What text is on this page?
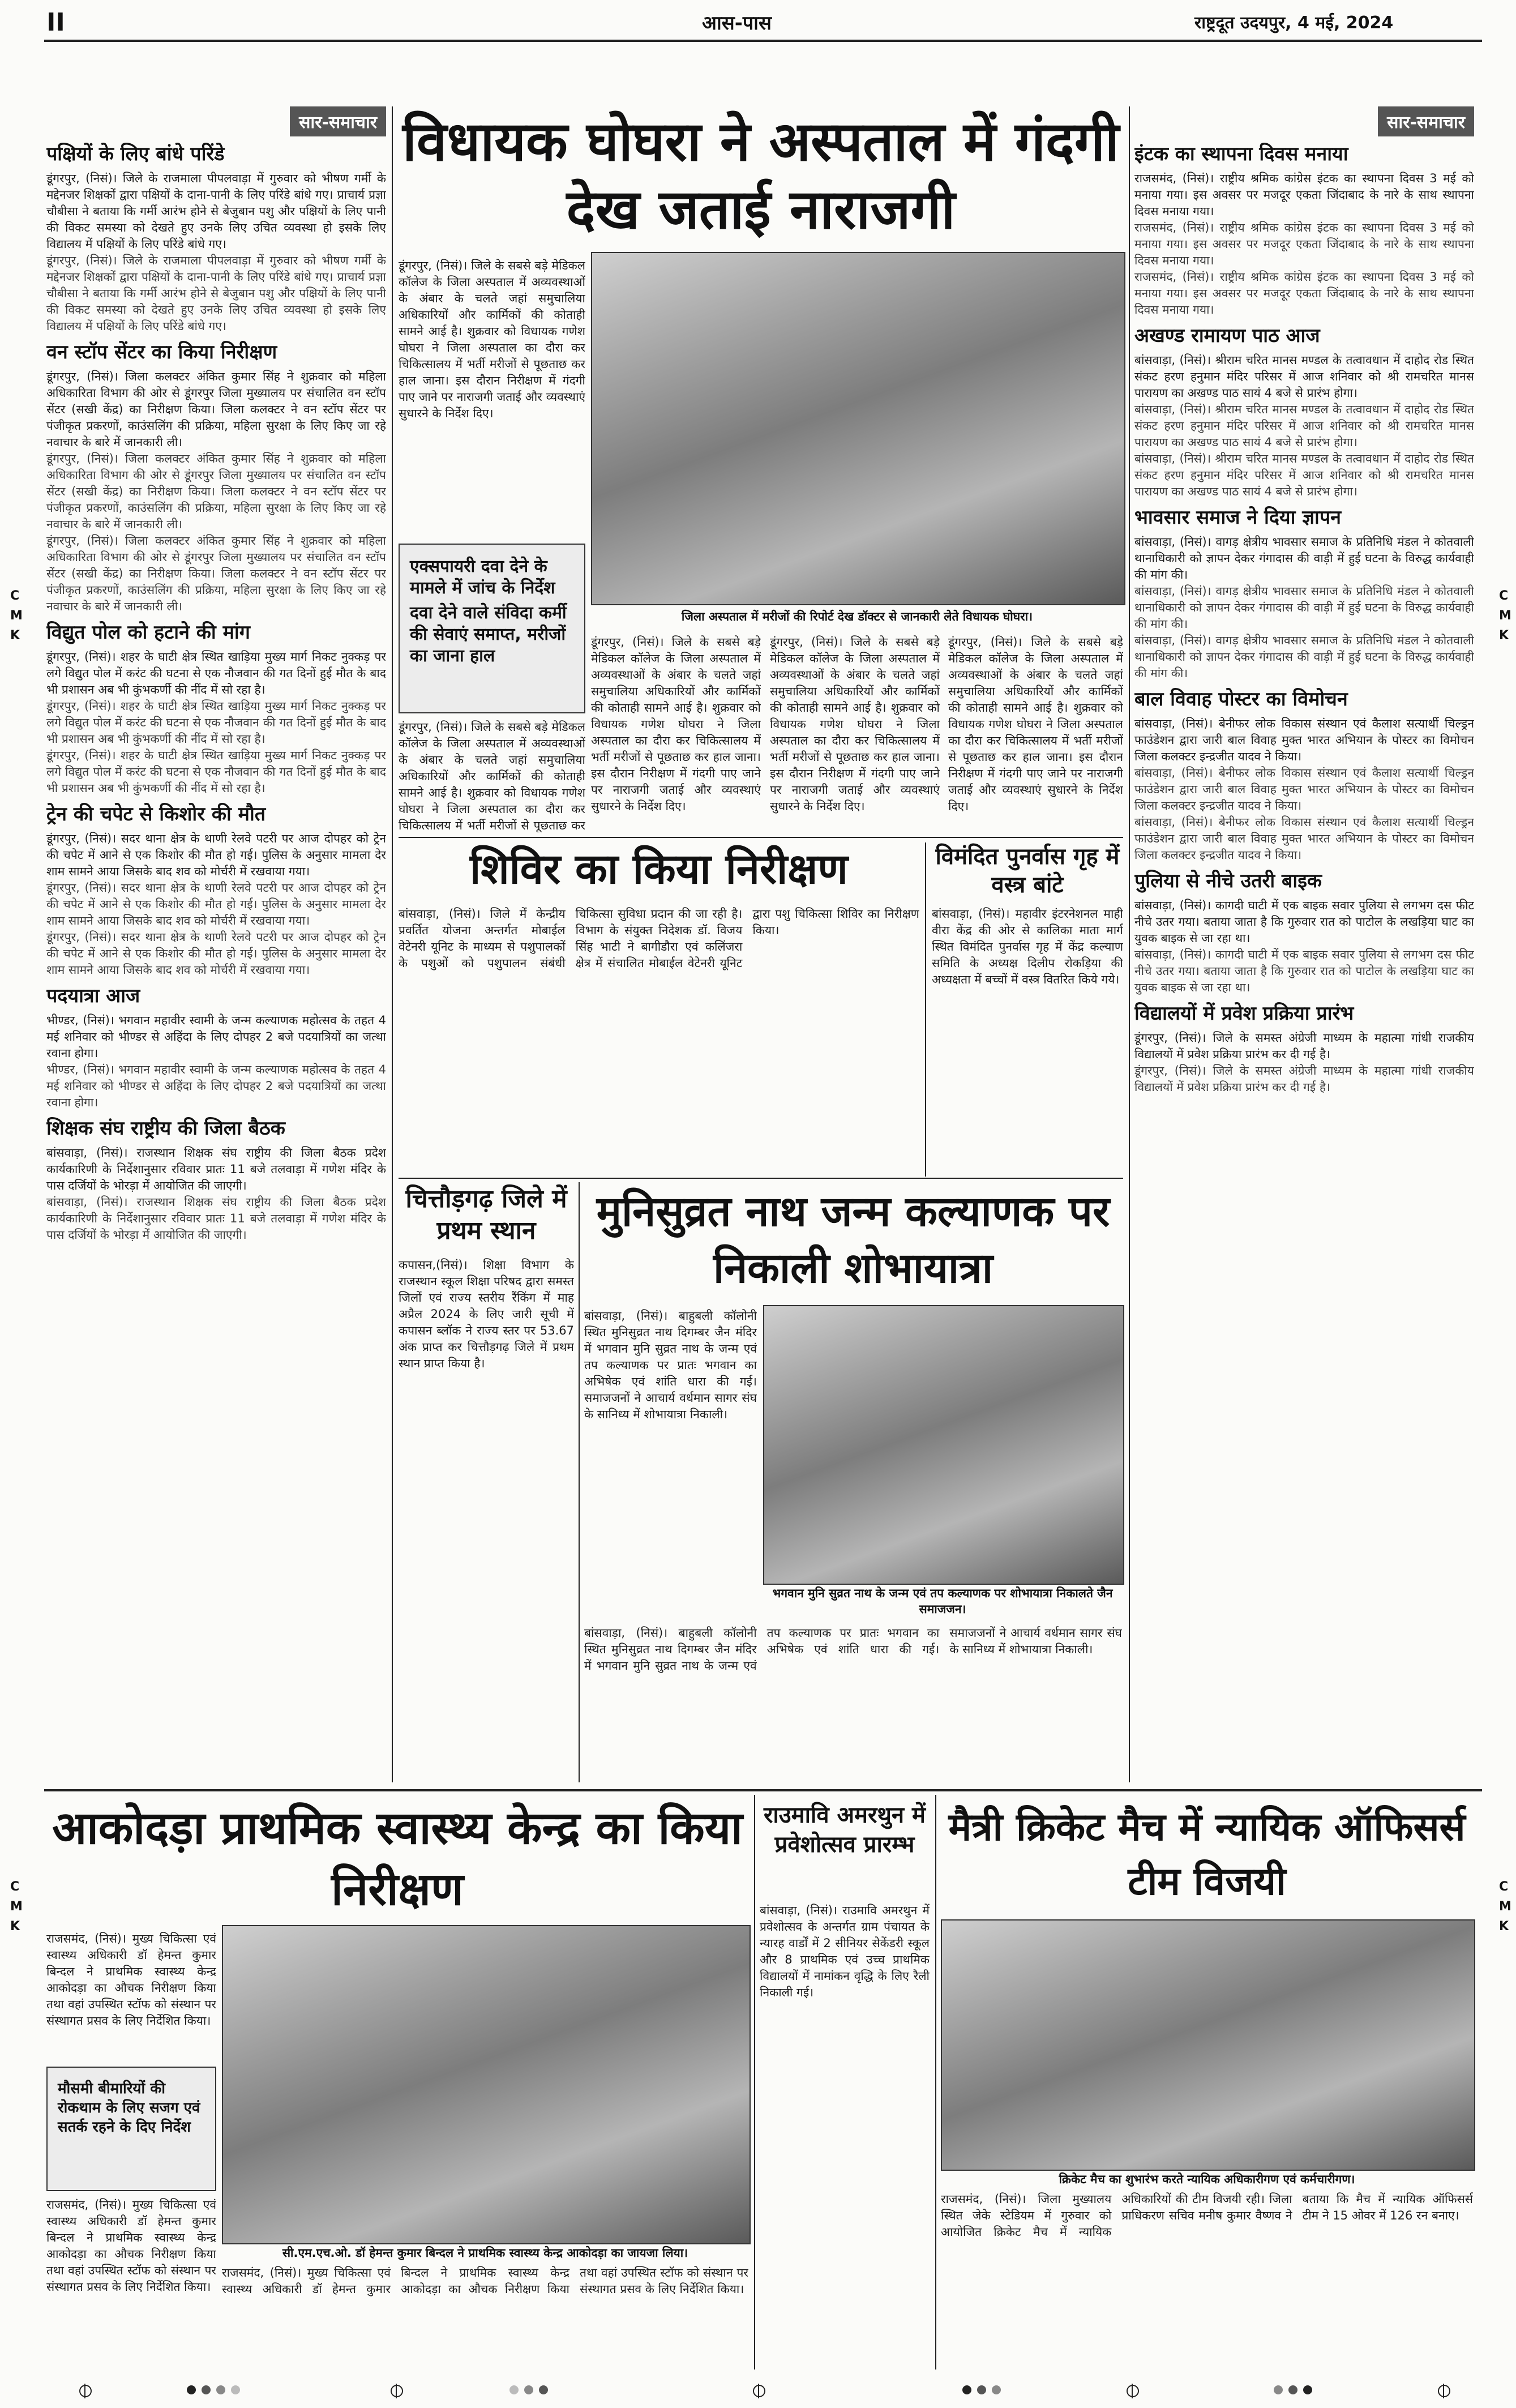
II	आस-पास	राष्ट्रदूत उदयपुर, 4 मई, 2024
C
M
K
C
M
K
C
M
K
C
M
K
सार-समाचार
पक्षियों के लिए बांधे परिंडे
डूंगरपुर, (निसं)। जिले के राजमाला पीपलवाड़ा में गुरुवार को भीषण गर्मी के मद्देनजर शिक्षकों द्वारा पक्षियों के दाना-पानी के लिए परिंडे बांधे गए। प्राचार्य प्रज्ञा चौबीसा ने बताया कि गर्मी आरंभ होने से बेजुबान पशु और पक्षियों के लिए पानी की विकट समस्या को देखते हुए उनके लिए उचित व्यवस्था हो इसके लिए विद्यालय में पक्षियों के लिए परिंडे बांधे गए।
डूंगरपुर, (निसं)। जिले के राजमाला पीपलवाड़ा में गुरुवार को भीषण गर्मी के मद्देनजर शिक्षकों द्वारा पक्षियों के दाना-पानी के लिए परिंडे बांधे गए। प्राचार्य प्रज्ञा चौबीसा ने बताया कि गर्मी आरंभ होने से बेजुबान पशु और पक्षियों के लिए पानी की विकट समस्या को देखते हुए उनके लिए उचित व्यवस्था हो इसके लिए विद्यालय में पक्षियों के लिए परिंडे बांधे गए।
वन स्टॉप सेंटर का किया निरीक्षण
डूंगरपुर, (निसं)। जिला कलक्टर अंकित कुमार सिंह ने शुक्रवार को महिला अधिकारिता विभाग की ओर से डूंगरपुर जिला मुख्यालय पर संचालित वन स्टॉप सेंटर (सखी केंद्र) का निरीक्षण किया। जिला कलक्टर ने वन स्टॉप सेंटर पर पंजीकृत प्रकरणों, काउंसलिंग की प्रक्रिया, महिला सुरक्षा के लिए किए जा रहे नवाचार के बारे में जानकारी ली।
डूंगरपुर, (निसं)। जिला कलक्टर अंकित कुमार सिंह ने शुक्रवार को महिला अधिकारिता विभाग की ओर से डूंगरपुर जिला मुख्यालय पर संचालित वन स्टॉप सेंटर (सखी केंद्र) का निरीक्षण किया। जिला कलक्टर ने वन स्टॉप सेंटर पर पंजीकृत प्रकरणों, काउंसलिंग की प्रक्रिया, महिला सुरक्षा के लिए किए जा रहे नवाचार के बारे में जानकारी ली।
डूंगरपुर, (निसं)। जिला कलक्टर अंकित कुमार सिंह ने शुक्रवार को महिला अधिकारिता विभाग की ओर से डूंगरपुर जिला मुख्यालय पर संचालित वन स्टॉप सेंटर (सखी केंद्र) का निरीक्षण किया। जिला कलक्टर ने वन स्टॉप सेंटर पर पंजीकृत प्रकरणों, काउंसलिंग की प्रक्रिया, महिला सुरक्षा के लिए किए जा रहे नवाचार के बारे में जानकारी ली।
विद्युत पोल को हटाने की मांग
डूंगरपुर, (निसं)। शहर के घाटी क्षेत्र स्थित खाड़िया मुख्य मार्ग निकट नुक्कड़ पर लगे विद्युत पोल में करंट की घटना से एक नौजवान की गत दिनों हुई मौत के बाद भी प्रशासन अब भी कुंभकर्णी की नींद में सो रहा है।
डूंगरपुर, (निसं)। शहर के घाटी क्षेत्र स्थित खाड़िया मुख्य मार्ग निकट नुक्कड़ पर लगे विद्युत पोल में करंट की घटना से एक नौजवान की गत दिनों हुई मौत के बाद भी प्रशासन अब भी कुंभकर्णी की नींद में सो रहा है।
डूंगरपुर, (निसं)। शहर के घाटी क्षेत्र स्थित खाड़िया मुख्य मार्ग निकट नुक्कड़ पर लगे विद्युत पोल में करंट की घटना से एक नौजवान की गत दिनों हुई मौत के बाद भी प्रशासन अब भी कुंभकर्णी की नींद में सो रहा है।
ट्रेन की चपेट से किशोर की मौत
डूंगरपुर, (निसं)। सदर थाना क्षेत्र के थाणी रेलवे पटरी पर आज दोपहर को ट्रेन की चपेट में आने से एक किशोर की मौत हो गई। पुलिस के अनुसार मामला देर शाम सामने आया जिसके बाद शव को मोर्चरी में रखवाया गया।
डूंगरपुर, (निसं)। सदर थाना क्षेत्र के थाणी रेलवे पटरी पर आज दोपहर को ट्रेन की चपेट में आने से एक किशोर की मौत हो गई। पुलिस के अनुसार मामला देर शाम सामने आया जिसके बाद शव को मोर्चरी में रखवाया गया।
डूंगरपुर, (निसं)। सदर थाना क्षेत्र के थाणी रेलवे पटरी पर आज दोपहर को ट्रेन की चपेट में आने से एक किशोर की मौत हो गई। पुलिस के अनुसार मामला देर शाम सामने आया जिसके बाद शव को मोर्चरी में रखवाया गया।
पदयात्रा आज
भीण्डर, (निसं)। भगवान महावीर स्वामी के जन्म कल्याणक महोत्सव के तहत 4 मई शनिवार को भीण्डर से अहिंदा के लिए दोपहर 2 बजे पदयात्रियों का जत्था रवाना होगा।
भीण्डर, (निसं)। भगवान महावीर स्वामी के जन्म कल्याणक महोत्सव के तहत 4 मई शनिवार को भीण्डर से अहिंदा के लिए दोपहर 2 बजे पदयात्रियों का जत्था रवाना होगा।
शिक्षक संघ राष्ट्रीय की जिला बैठक
बांसवाड़ा, (निसं)। राजस्थान शिक्षक संघ राष्ट्रीय की जिला बैठक प्रदेश कार्यकारिणी के निर्देशानुसार रविवार प्रातः 11 बजे तलवाड़ा में गणेश मंदिर के पास दर्जियों के भोरड़ा में आयोजित की जाएगी।
बांसवाड़ा, (निसं)। राजस्थान शिक्षक संघ राष्ट्रीय की जिला बैठक प्रदेश कार्यकारिणी के निर्देशानुसार रविवार प्रातः 11 बजे तलवाड़ा में गणेश मंदिर के पास दर्जियों के भोरड़ा में आयोजित की जाएगी।
विधायक घोघरा ने अस्पताल में गंदगी देख जताई नाराजगी
डूंगरपुर, (निसं)। जिले के सबसे बड़े मेडिकल कॉलेज के जिला अस्पताल में अव्यवस्थाओं के अंबार के चलते जहां समुचालिया अधिकारियों और कार्मिकों की कोताही सामने आई है। शुक्रवार को विधायक गणेश घोघरा ने जिला अस्पताल का दौरा कर चिकित्सालय में भर्ती मरीजों से पूछताछ कर हाल जाना। इस दौरान निरीक्षण में गंदगी पाए जाने पर नाराजगी जताई और व्यवस्थाएं सुधारने के निर्देश दिए।
जिला अस्पताल में मरीजों की रिपोर्ट देख डॉक्टर से जानकारी लेते विधायक घोघरा।
एक्सपायरी दवा देने के मामले में जांच के निर्देश
दवा देने वाले संविदा कर्मी की सेवाएं समाप्त, मरीजों का जाना हाल
डूंगरपुर, (निसं)। जिले के सबसे बड़े मेडिकल कॉलेज के जिला अस्पताल में अव्यवस्थाओं के अंबार के चलते जहां समुचालिया अधिकारियों और कार्मिकों की कोताही सामने आई है। शुक्रवार को विधायक गणेश घोघरा ने जिला अस्पताल का दौरा कर चिकित्सालय में भर्ती मरीजों से पूछताछ कर
डूंगरपुर, (निसं)। जिले के सबसे बड़े मेडिकल कॉलेज के जिला अस्पताल में अव्यवस्थाओं के अंबार के चलते जहां समुचालिया अधिकारियों और कार्मिकों की कोताही सामने आई है। शुक्रवार को विधायक गणेश घोघरा ने जिला अस्पताल का दौरा कर चिकित्सालय में भर्ती मरीजों से पूछताछ कर हाल जाना। इस दौरान निरीक्षण में गंदगी पाए जाने पर नाराजगी जताई और व्यवस्थाएं सुधारने के निर्देश दिए।
डूंगरपुर, (निसं)। जिले के सबसे बड़े मेडिकल कॉलेज के जिला अस्पताल में अव्यवस्थाओं के अंबार के चलते जहां समुचालिया अधिकारियों और कार्मिकों की कोताही सामने आई है। शुक्रवार को विधायक गणेश घोघरा ने जिला अस्पताल का दौरा कर चिकित्सालय में भर्ती मरीजों से पूछताछ कर हाल जाना। इस दौरान निरीक्षण में गंदगी पाए जाने पर नाराजगी जताई और व्यवस्थाएं सुधारने के निर्देश दिए।
डूंगरपुर, (निसं)। जिले के सबसे बड़े मेडिकल कॉलेज के जिला अस्पताल में अव्यवस्थाओं के अंबार के चलते जहां समुचालिया अधिकारियों और कार्मिकों की कोताही सामने आई है। शुक्रवार को विधायक गणेश घोघरा ने जिला अस्पताल का दौरा कर चिकित्सालय में भर्ती मरीजों से पूछताछ कर हाल जाना। इस दौरान निरीक्षण में गंदगी पाए जाने पर नाराजगी जताई और व्यवस्थाएं सुधारने के निर्देश दिए।
शिविर का किया निरीक्षण
बांसवाड़ा, (निसं)। जिले में केन्द्रीय प्रवर्तित योजना अन्तर्गत मोबाईल वेटेनरी यूनिट के माध्यम से पशुपालकों के पशुओं को पशुपालन संबंधी चिकित्सा सुविधा प्रदान की जा रही है। विभाग के संयुक्त निदेशक डॉ. विजय सिंह भाटी ने बागीडौरा एवं कलिंजरा क्षेत्र में संचालित मोबाईल वेटेनरी यूनिट द्वारा पशु चिकित्सा शिविर का निरीक्षण किया।
विमंदित पुनर्वास गृह में वस्त्र बांटे
बांसवाड़ा, (निसं)। महावीर इंटरनेशनल माही वीरा केंद्र की ओर से कालिका माता मार्ग स्थित विमंदित पुनर्वास गृह में केंद्र कल्याण समिति के अध्यक्ष दिलीप रोकड़िया की अध्यक्षता में बच्चों में वस्त्र वितरित किये गये।
चित्तौड़गढ़ जिले में प्रथम स्थान
कपासन,(निसं)। शिक्षा विभाग के राजस्थान स्कूल शिक्षा परिषद द्वारा समस्त जिलों एवं राज्य स्तरीय रैंकिंग में माह अप्रैल 2024 के लिए जारी सूची में कपासन ब्लॉक ने राज्य स्तर पर 53.67 अंक प्राप्त कर चित्तौड़गढ़ जिले में प्रथम स्थान प्राप्त किया है।
मुनिसुव्रत नाथ जन्म कल्याणक पर निकाली शोभायात्रा
बांसवाड़ा, (निसं)। बाहुबली कॉलोनी स्थित मुनिसुव्रत नाथ दिगम्बर जैन मंदिर में भगवान मुनि सुव्रत नाथ के जन्म एवं तप कल्याणक पर प्रातः भगवान का अभिषेक एवं शांति धारा की गई। समाजजनों ने आचार्य वर्धमान सागर संघ के सानिध्य में शोभायात्रा निकाली।
भगवान मुनि सुव्रत नाथ के जन्म एवं तप कल्याणक पर शोभायात्रा निकालते जैन समाजजन।
बांसवाड़ा, (निसं)। बाहुबली कॉलोनी स्थित मुनिसुव्रत नाथ दिगम्बर जैन मंदिर में भगवान मुनि सुव्रत नाथ के जन्म एवं तप कल्याणक पर प्रातः भगवान का अभिषेक एवं शांति धारा की गई। समाजजनों ने आचार्य वर्धमान सागर संघ के सानिध्य में शोभायात्रा निकाली।
सार-समाचार
इंटक का स्थापना दिवस मनाया
राजसमंद, (निसं)। राष्ट्रीय श्रमिक कांग्रेस इंटक का स्थापना दिवस 3 मई को मनाया गया। इस अवसर पर मजदूर एकता जिंदाबाद के नारे के साथ स्थापना दिवस मनाया गया।
राजसमंद, (निसं)। राष्ट्रीय श्रमिक कांग्रेस इंटक का स्थापना दिवस 3 मई को मनाया गया। इस अवसर पर मजदूर एकता जिंदाबाद के नारे के साथ स्थापना दिवस मनाया गया।
राजसमंद, (निसं)। राष्ट्रीय श्रमिक कांग्रेस इंटक का स्थापना दिवस 3 मई को मनाया गया। इस अवसर पर मजदूर एकता जिंदाबाद के नारे के साथ स्थापना दिवस मनाया गया।
अखण्ड रामायण पाठ आज
बांसवाड़ा, (निसं)। श्रीराम चरित मानस मण्डल के तत्वावधान में दाहोद रोड स्थित संकट हरण हनुमान मंदिर परिसर में आज शनिवार को श्री रामचरित मानस पारायण का अखण्ड पाठ सायं 4 बजे से प्रारंभ होगा।
बांसवाड़ा, (निसं)। श्रीराम चरित मानस मण्डल के तत्वावधान में दाहोद रोड स्थित संकट हरण हनुमान मंदिर परिसर में आज शनिवार को श्री रामचरित मानस पारायण का अखण्ड पाठ सायं 4 बजे से प्रारंभ होगा।
बांसवाड़ा, (निसं)। श्रीराम चरित मानस मण्डल के तत्वावधान में दाहोद रोड स्थित संकट हरण हनुमान मंदिर परिसर में आज शनिवार को श्री रामचरित मानस पारायण का अखण्ड पाठ सायं 4 बजे से प्रारंभ होगा।
भावसार समाज ने दिया ज्ञापन
बांसवाड़ा, (निसं)। वागड़ क्षेत्रीय भावसार समाज के प्रतिनिधि मंडल ने कोतवाली थानाधिकारी को ज्ञापन देकर गंगादास की वाड़ी में हुई घटना के विरुद्ध कार्यवाही की मांग की।
बांसवाड़ा, (निसं)। वागड़ क्षेत्रीय भावसार समाज के प्रतिनिधि मंडल ने कोतवाली थानाधिकारी को ज्ञापन देकर गंगादास की वाड़ी में हुई घटना के विरुद्ध कार्यवाही की मांग की।
बांसवाड़ा, (निसं)। वागड़ क्षेत्रीय भावसार समाज के प्रतिनिधि मंडल ने कोतवाली थानाधिकारी को ज्ञापन देकर गंगादास की वाड़ी में हुई घटना के विरुद्ध कार्यवाही की मांग की।
बाल विवाह पोस्टर का विमोचन
बांसवाड़ा, (निसं)। बेनीफर लोक विकास संस्थान एवं कैलाश सत्यार्थी चिल्ड्रन फाउंडेशन द्वारा जारी बाल विवाह मुक्त भारत अभियान के पोस्टर का विमोचन जिला कलक्टर इन्द्रजीत यादव ने किया।
बांसवाड़ा, (निसं)। बेनीफर लोक विकास संस्थान एवं कैलाश सत्यार्थी चिल्ड्रन फाउंडेशन द्वारा जारी बाल विवाह मुक्त भारत अभियान के पोस्टर का विमोचन जिला कलक्टर इन्द्रजीत यादव ने किया।
बांसवाड़ा, (निसं)। बेनीफर लोक विकास संस्थान एवं कैलाश सत्यार्थी चिल्ड्रन फाउंडेशन द्वारा जारी बाल विवाह मुक्त भारत अभियान के पोस्टर का विमोचन जिला कलक्टर इन्द्रजीत यादव ने किया।
पुलिया से नीचे उतरी बाइक
बांसवाड़ा, (निसं)। कागदी घाटी में एक बाइक सवार पुलिया से लगभग दस फीट नीचे उतर गया। बताया जाता है कि गुरुवार रात को पाटोल के लखड़िया घाट का युवक बाइक से जा रहा था।
बांसवाड़ा, (निसं)। कागदी घाटी में एक बाइक सवार पुलिया से लगभग दस फीट नीचे उतर गया। बताया जाता है कि गुरुवार रात को पाटोल के लखड़िया घाट का युवक बाइक से जा रहा था।
विद्यालयों में प्रवेश प्रक्रिया प्रारंभ
डूंगरपुर, (निसं)। जिले के समस्त अंग्रेजी माध्यम के महात्मा गांधी राजकीय विद्यालयों में प्रवेश प्रक्रिया प्रारंभ कर दी गई है।
डूंगरपुर, (निसं)। जिले के समस्त अंग्रेजी माध्यम के महात्मा गांधी राजकीय विद्यालयों में प्रवेश प्रक्रिया प्रारंभ कर दी गई है।
आकोदड़ा प्राथमिक स्वास्थ्य केन्द्र का किया निरीक्षण
राजसमंद, (निसं)। मुख्य चिकित्सा एवं स्वास्थ्य अधिकारी डॉ हेमन्त कुमार बिन्दल ने प्राथमिक स्वास्थ्य केन्द्र आकोदड़ा का औचक निरीक्षण किया तथा वहां उपस्थित स्टॉफ को संस्थान पर संस्थागत प्रसव के लिए निर्देशित किया।
मौसमी बीमारियों की रोकथाम के लिए सजग एवं सतर्क रहने के दिए निर्देश
सी.एम.एच.ओ. डॉ हेमन्त कुमार बिन्दल ने प्राथमिक स्वास्थ्य केन्द्र आकोदड़ा का जायजा लिया।
राजसमंद, (निसं)। मुख्य चिकित्सा एवं स्वास्थ्य अधिकारी डॉ हेमन्त कुमार बिन्दल ने प्राथमिक स्वास्थ्य केन्द्र आकोदड़ा का औचक निरीक्षण किया तथा वहां उपस्थित स्टॉफ को संस्थान पर संस्थागत प्रसव के लिए निर्देशित किया।
राजसमंद, (निसं)। मुख्य चिकित्सा एवं स्वास्थ्य अधिकारी डॉ हेमन्त कुमार बिन्दल ने प्राथमिक स्वास्थ्य केन्द्र आकोदड़ा का औचक निरीक्षण किया तथा वहां उपस्थित स्टॉफ को संस्थान पर संस्थागत प्रसव के लिए निर्देशित किया।
राउमावि अमरथुन में प्रवेशोत्सव प्रारम्भ
बांसवाड़ा, (निसं)। राउमावि अमरथुन में प्रवेशोत्सव के अन्तर्गत ग्राम पंचायत के न्यारह वार्डों में 2 सीनियर सेकेंडरी स्कूल और 8 प्राथमिक एवं उच्च प्राथमिक विद्यालयों में नामांकन वृद्धि के लिए रैली निकाली गई।
मैत्री क्रिकेट मैच में न्यायिक ऑफिसर्स टीम विजयी
क्रिकेट मैच का शुभारंभ करते न्यायिक अधिकारीगण एवं कर्मचारीगण।
राजसमंद, (निसं)। जिला मुख्यालय स्थित जेके स्टेडियम में गुरुवार को आयोजित क्रिकेट मैच में न्यायिक अधिकारियों की टीम विजयी रही। जिला प्राधिकरण सचिव मनीष कुमार वैष्णव ने बताया कि मैच में न्यायिक ऑफिसर्स टीम ने 15 ओवर में 126 रन बनाए।
